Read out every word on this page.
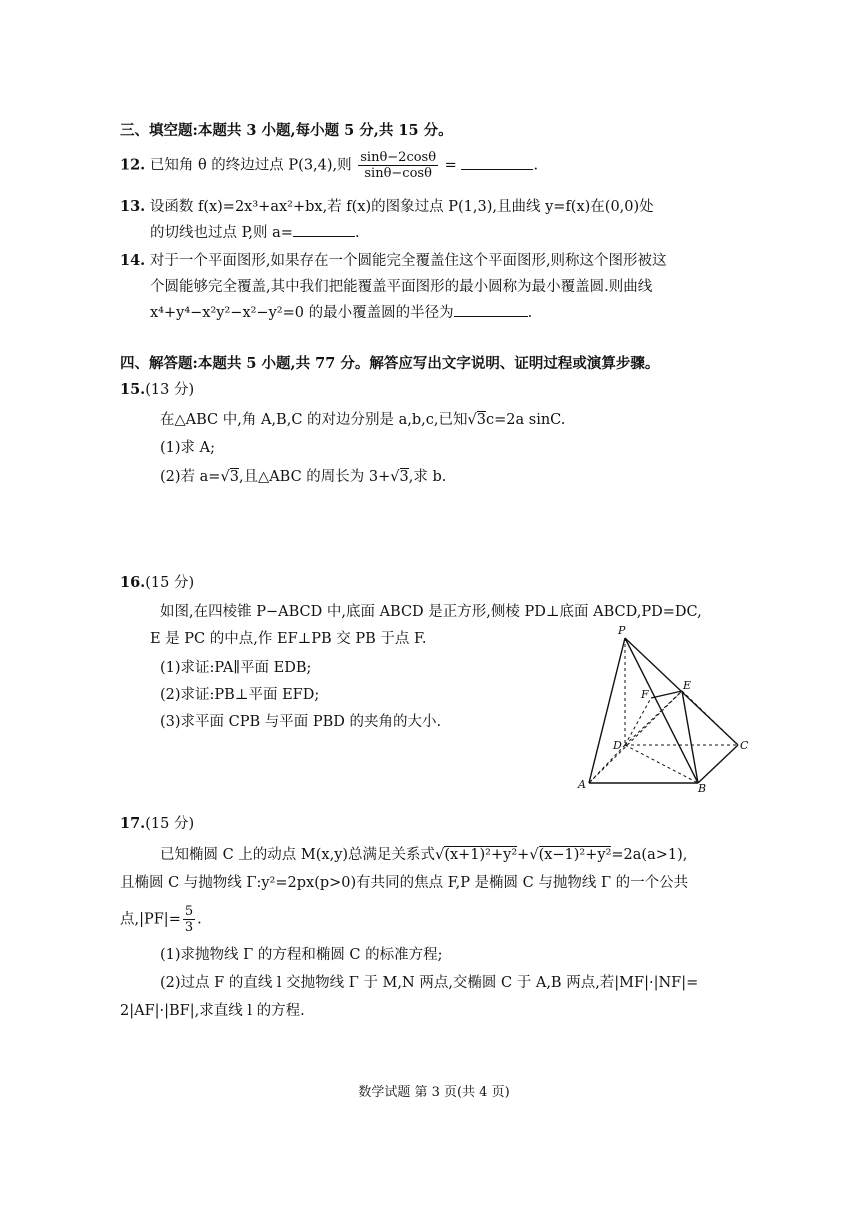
三、填空题:本题共 3 小题,每小题 5 分,共 15 分。
12. 已知角 θ 的终边过点 P(3,4),则 $\frac{\sin\theta-2\cos\theta}{\sin\theta-\cos\theta}$ =	.
13. 设函数 f(x)=2x³+ax²+bx,若 f(x)的图象过点 P(1,3),且曲线 y=f(x)在(0,0)处
的切线也过点 P,则 a=	.
14. 对于一个平面图形,如果存在一个圆能完全覆盖住这个平面图形,则称这个图形被这
个圆能够完全覆盖,其中我们把能覆盖平面图形的最小圆称为最小覆盖圆.则曲线
x⁴+y⁴−x²y²−x²−y²=0 的最小覆盖圆的半径为	.
四、解答题:本题共 5 小题,共 77 分。解答应写出文字说明、证明过程或演算步骤。
15.(13 分)
在△ABC 中,角 A,B,C 的对边分别是 a,b,c,已知√3c=2a sinC.
(1)求 A;
(2)若 a=√3,且△ABC 的周长为 3+√3,求 b.
16.(15 分)
如图,在四棱锥 P−ABCD 中,底面 ABCD 是正方形,侧棱 PD⊥底面 ABCD,PD=DC,
E 是 PC 的中点,作 EF⊥PB 交 PB 于点 F.
(1)求证:PA∥平面 EDB;
(2)求证:PB⊥平面 EFD;
(3)求平面 CPB 与平面 PBD 的夹角的大小.
P
E
F
D	C
A	B
17.(15 分)
已知椭圆 C 上的动点 M(x,y)总满足关系式√(x+1)²+y²+√(x−1)²+y²=2a(a>1),
且椭圆 C 与抛物线 Γ:y²=2px(p>0)有共同的焦点 F,P 是椭圆 C 与抛物线 Γ 的一个公共
点$,|PF|= \frac{5}{3}$ .
(1)求抛物线 Γ 的方程和椭圆 C 的标准方程;
(2)过点 F 的直线 l 交抛物线 Γ 于 M,N 两点,交椭圆 C 于 A,B 两点,若|MF|·|NF|=
2|AF|·|BF|,求直线 l 的方程.
数学试题 第 3 页(共 4 页)
